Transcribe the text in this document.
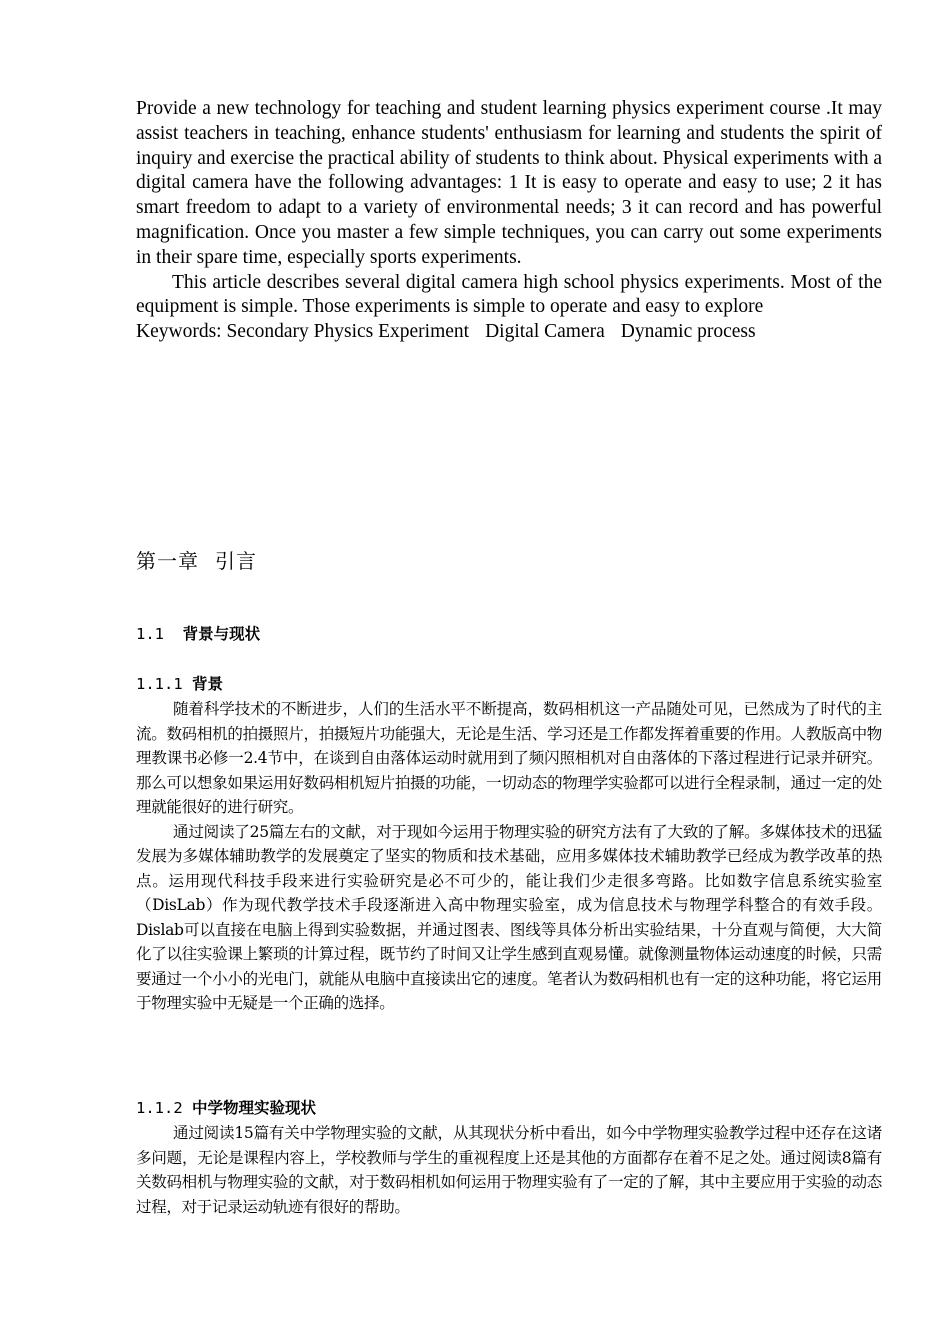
Provide a new technology for teaching and student learning physics experiment course .It may assist teachers in teaching, enhance students' enthusiasm for learning and students the spirit of inquiry and exercise the practical ability of students to think about. Physical experiments with a digital camera have the following advantages: 1 It is easy to operate and easy to use; 2 it has smart freedom to adapt to a variety of environmental needs; 3 it can record and has powerful magnification. Once you master a few simple techniques, you can carry out some experiments in their spare time, especially sports experiments.

This article describes several digital camera high school physics experiments. Most of the equipment is simple. Those experiments is simple to operate and easy to explore

Keywords: Secondary Physics Experiment Digital Camera Dynamic process

第一章 引言
1.1 背景与现状
1.1.1 背景

随着科学技术的不断进步，人们的生活水平不断提高，数码相机这一产品随处可见，已然成为了时代的主流。数码相机的拍摄照片，拍摄短片功能强大，无论是生活、学习还是工作都发挥着重要的作用。人教版高中物理教课书必修一2.4节中，在谈到自由落体运动时就用到了频闪照相机对自由落体的下落过程进行记录并研究。那么可以想象如果运用好数码相机短片拍摄的功能，一切动态的物理学实验都可以进行全程录制，通过一定的处理就能很好的进行研究。

通过阅读了25篇左右的文献，对于现如今运用于物理实验的研究方法有了大致的了解。多媒体技术的迅猛发展为多媒体辅助教学的发展奠定了坚实的物质和技术基础，应用多媒体技术辅助教学已经成为教学改革的热点。运用现代科技手段来进行实验研究是必不可少的，能让我们少走很多弯路。比如数字信息系统实验室（DisLab）作为现代教学技术手段逐渐进入高中物理实验室，成为信息技术与物理学科整合的有效手段。Dislab可以直接在电脑上得到实验数据，并通过图表、图线等具体分析出实验结果，十分直观与简便，大大简化了以往实验课上繁琐的计算过程，既节约了时间又让学生感到直观易懂。就像测量物体运动速度的时候，只需要通过一个小小的光电门，就能从电脑中直接读出它的速度。笔者认为数码相机也有一定的这种功能，将它运用于物理实验中无疑是一个正确的选择。

1.1.2 中学物理实验现状

通过阅读15篇有关中学物理实验的文献，从其现状分析中看出，如今中学物理实验教学过程中还存在这诸多问题，无论是课程内容上，学校教师与学生的重视程度上还是其他的方面都存在着不足之处。通过阅读8篇有关数码相机与物理实验的文献，对于数码相机如何运用于物理实验有了一定的了解，其中主要应用于实验的动态过程，对于记录运动轨迹有很好的帮助。
